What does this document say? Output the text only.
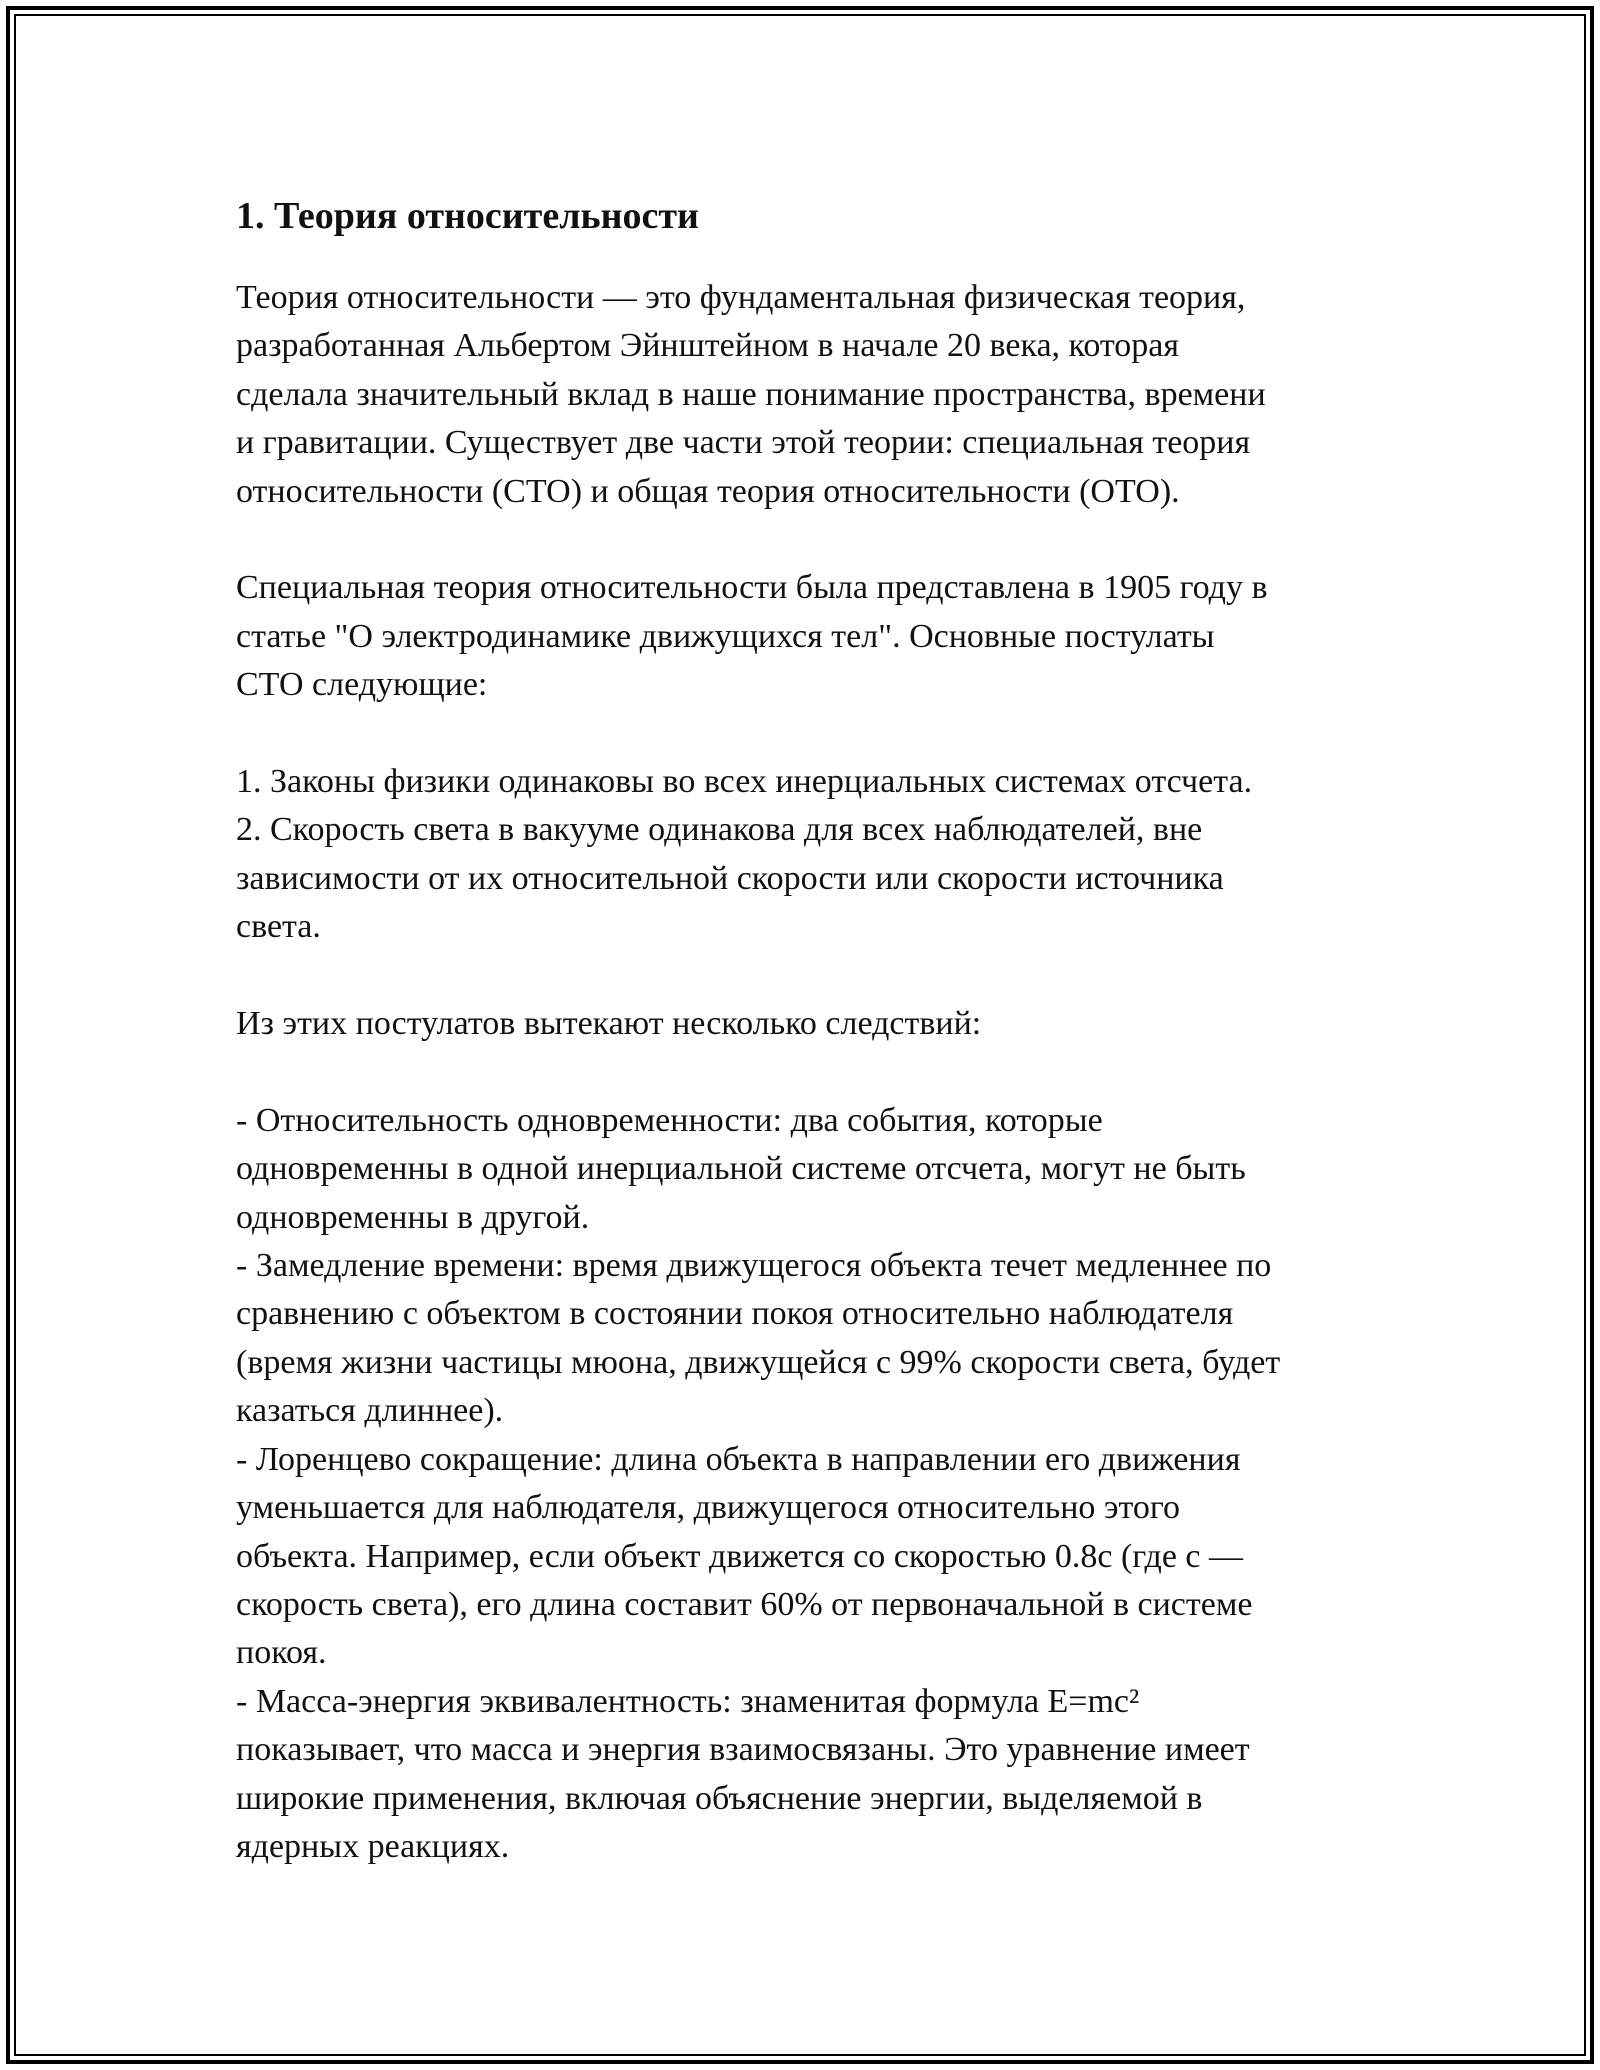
1. Теория относительности
Теория относительности — это фундаментальная физическая теория,
разработанная Альбертом Эйнштейном в начале 20 века, которая
сделала значительный вклад в наше понимание пространства, времени
и гравитации. Существует две части этой теории: специальная теория
относительности (СТО) и общая теория относительности (ОТО).
Специальная теория относительности была представлена в 1905 году в
статье "О электродинамике движущихся тел". Основные постулаты
СТО следующие:
1. Законы физики одинаковы во всех инерциальных системах отсчета.
2. Скорость света в вакууме одинакова для всех наблюдателей, вне
зависимости от их относительной скорости или скорости источника
света.
Из этих постулатов вытекают несколько следствий:
- Относительность одновременности: два события, которые
одновременны в одной инерциальной системе отсчета, могут не быть
одновременны в другой.
- Замедление времени: время движущегося объекта течет медленнее по
сравнению с объектом в состоянии покоя относительно наблюдателя
(время жизни частицы мюона, движущейся с 99% скорости света, будет
казаться длиннее).
- Лоренцево сокращение: длина объекта в направлении его движения
уменьшается для наблюдателя, движущегося относительно этого
объекта. Например, если объект движется со скоростью 0.8c (где c —
скорость света), его длина составит 60% от первоначальной в системе
покоя.
- Масса-энергия эквивалентность: знаменитая формула E=mc²
показывает, что масса и энергия взаимосвязаны. Это уравнение имеет
широкие применения, включая объяснение энергии, выделяемой в
ядерных реакциях.
